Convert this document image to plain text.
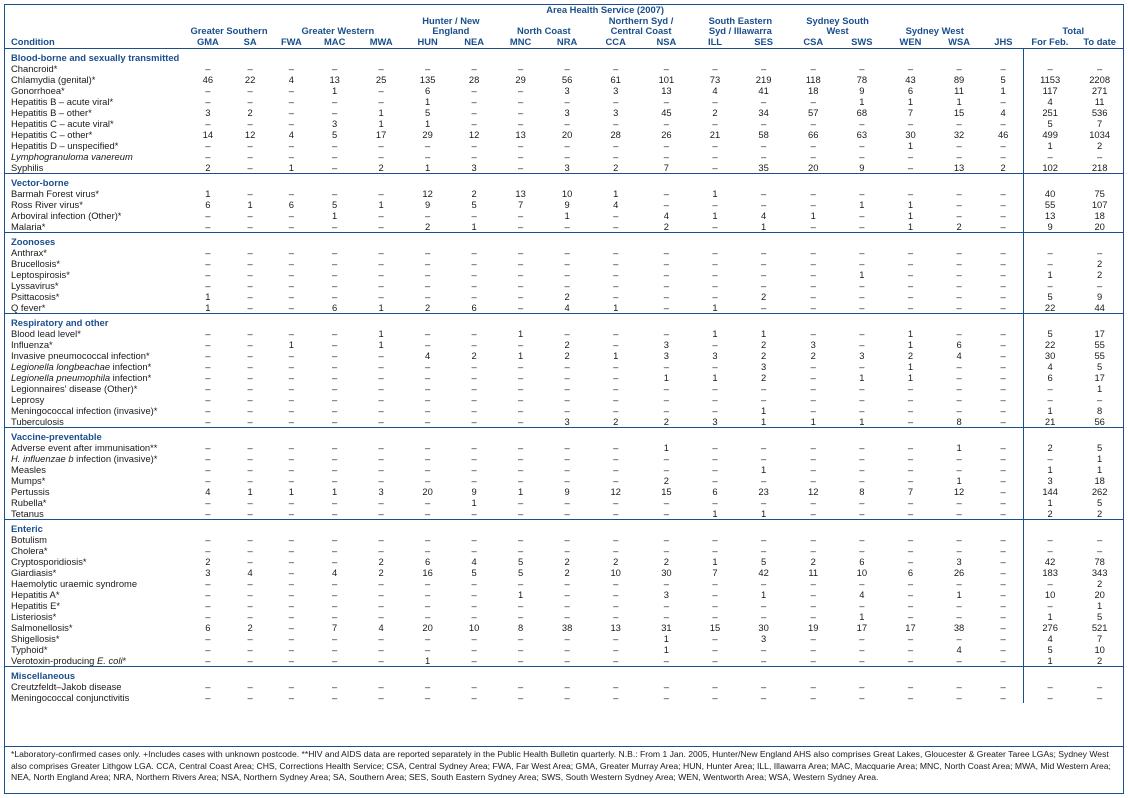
	Area Health Service (2007)																			
	Greater Southern		Greater Western			Hunter / New
England		North Coast		Northern Syd /
Central Coast		South Eastern
Syd / Illawarra		Sydney South
West		Sydney West			Total	
Condition	GMA	SA	FWA	MAC	MWA	HUN	NEA	MNC	NRA	CCA	NSA	ILL	SES	CSA	SWS	WEN	WSA	JHS	For Feb.	To date
Blood-borne and sexually transmitted																				
Chancroid*	–	–	–	–	–	–	–	–	–	–	–	–	–	–	–	–	–	–	–	–
Chlamydia (genital)*	46	22	4	13	25	135	28	29	56	61	101	73	219	118	78	43	89	5	1153	2208
Gonorrhoea*	–	–	–	1	–	6	–	–	3	3	13	4	41	18	9	6	11	1	117	271
Hepatitis B – acute viral*	–	–	–	–	–	1	–	–	–	–	–	–	–	–	1	1	1	–	4	11
Hepatitis B – other*	3	2	–	–	1	5	–	–	3	3	45	2	34	57	68	7	15	4	251	536
Hepatitis C – acute viral*	–	–	–	3	1	1	–	–	–	–	–	–	–	–	–	–	–	–	5	7
Hepatitis C – other*	14	12	4	5	17	29	12	13	20	28	26	21	58	66	63	30	32	46	499	1034
Hepatitis D – unspecified*	–	–	–	–	–	–	–	–	–	–	–	–	–	–	–	1	–	–	1	2
Lymphogranuloma vanereum	–	–	–	–	–	–	–	–	–	–	–	–	–	–	–	–	–	–	–	–
Syphilis	2	–	1	–	2	1	3	–	3	2	7	–	35	20	9	–	13	2	102	218
Vector-borne																				
Barmah Forest virus*	1	–	–	–	–	12	2	13	10	1	–	1	–	–	–	–	–	–	40	75
Ross River virus*	6	1	6	5	1	9	5	7	9	4	–	–	–	–	1	1	–	–	55	107
Arboviral infection (Other)*	–	–	–	1	–	–	–	–	1	–	4	1	4	1	–	1	–	–	13	18
Malaria*	–	–	–	–	–	2	1	–	–	–	2	–	1	–	–	1	2	–	9	20
Zoonoses																				
Anthrax*	–	–	–	–	–	–	–	–	–	–	–	–	–	–	–	–	–	–	–	–
Brucellosis*	–	–	–	–	–	–	–	–	–	–	–	–	–	–	–	–	–	–	–	2
Leptospirosis*	–	–	–	–	–	–	–	–	–	–	–	–	–	–	1	–	–	–	1	2
Lyssavirus*	–	–	–	–	–	–	–	–	–	–	–	–	–	–	–	–	–	–	–	–
Psittacosis*	1	–	–	–	–	–	–	–	2	–	–	–	2	–	–	–	–	–	5	9
Q fever*	1	–	–	6	1	2	6	–	4	1	–	1	–	–	–	–	–	–	22	44
Respiratory and other																				
Blood lead level*	–	–	–	–	1	–	–	1	–	–	–	1	1	–	–	1	–	–	5	17
Influenza*	–	–	1	–	1	–	–	–	2	–	3	–	2	3	–	1	6	–	22	55
Invasive pneumococcal infection*	–	–	–	–	–	4	2	1	2	1	3	3	2	2	3	2	4	–	30	55
Legionella longbeachae infection*	–	–	–	–	–	–	–	–	–	–	–	–	3	–	–	1	–	–	4	5
Legionella pneumophila infection*	–	–	–	–	–	–	–	–	–	–	1	1	2	–	1	1	–	–	6	17
Legionnaires' disease (Other)*	–	–	–	–	–	–	–	–	–	–	–	–	–	–	–	–	–	–	–	1
Leprosy	–	–	–	–	–	–	–	–	–	–	–	–	–	–	–	–	–	–	–	–
Meningococcal infection (invasive)*	–	–	–	–	–	–	–	–	–	–	–	–	1	–	–	–	–	–	1	8
Tuberculosis	–	–	–	–	–	–	–	–	3	2	2	3	1	1	1	–	8	–	21	56
Vaccine-preventable																				
Adverse event after immunisation**	–	–	–	–	–	–	–	–	–	–	1	–	–	–	–	–	1	–	2	5
H. influenzae b infection (invasive)*	–	–	–	–	–	–	–	–	–	–	–	–	–	–	–	–	–	–	–	1
Measles	–	–	–	–	–	–	–	–	–	–	–	–	1	–	–	–	–	–	1	1
Mumps*	–	–	–	–	–	–	–	–	–	–	2	–	–	–	–	–	1	–	3	18
Pertussis	4	1	1	1	3	20	9	1	9	12	15	6	23	12	8	7	12	–	144	262
Rubella*	–	–	–	–	–	–	1	–	–	–	–	–	–	–	–	–	–	–	1	5
Tetanus	–	–	–	–	–	–	–	–	–	–	–	1	1	–	–	–	–	–	2	2
Enteric																				
Botulism	–	–	–	–	–	–	–	–	–	–	–	–	–	–	–	–	–	–	–	–
Cholera*	–	–	–	–	–	–	–	–	–	–	–	–	–	–	–	–	–	–	–	–
Cryptosporidiosis*	2	–	–	–	2	6	4	5	2	2	2	1	5	2	6	–	3	–	42	78
Giardiasis*	3	4	–	4	2	16	5	5	2	10	30	7	42	11	10	6	26	–	183	343
Haemolytic uraemic syndrome	–	–	–	–	–	–	–	–	–	–	–	–	–	–	–	–	–	–	–	2
Hepatitis A*	–	–	–	–	–	–	–	1	–	–	3	–	1	–	4	–	1	–	10	20
Hepatitis E*	–	–	–	–	–	–	–	–	–	–	–	–	–	–	–	–	–	–	–	1
Listeriosis*	–	–	–	–	–	–	–	–	–	–	–	–	–	–	1	–	–	–	1	5
Salmonellosis*	6	2	–	7	4	20	10	8	38	13	31	15	30	19	17	17	38	–	276	521
Shigellosis*	–	–	–	–	–	–	–	–	–	–	1	–	3	–	–	–	–	–	4	7
Typhoid*	–	–	–	–	–	–	–	–	–	–	1	–	–	–	–	–	4	–	5	10
Verotoxin-producing E. coli*	–	–	–	–	–	1	–	–	–	–	–	–	–	–	–	–	–	–	1	2
Miscellaneous																				
Creutzfeldt–Jakob disease	–	–	–	–	–	–	–	–	–	–	–	–	–	–	–	–	–	–	–	–
Meningococcal conjunctivitis	–	–	–	–	–	–	–	–	–	–	–	–	–	–	–	–	–	–	–	–
*Laboratory-confirmed cases only. +Includes cases with unknown postcode. **HIV and AIDS data are reported separately in the Public Health Bulletin quarterly. N.B.: From 1 Jan. 2005, Hunter/New England AHS also comprises Great Lakes, Gloucester & Greater Taree LGAs; Sydney West also comprises Greater Lithgow LGA. CCA, Central Coast Area; CHS, Corrections Health Service; CSA, Central Sydney Area; FWA, Far West Area; GMA, Greater Murray Area; HUN, Hunter Area; ILL, Illawarra Area; MAC, Macquarie Area; MNC, North Coast Area; MWA, Mid Western Area; NEA, North England Area; NRA, Northern Rivers Area; NSA, Northern Sydney Area; SA, Southern Area; SES, South Eastern Sydney Area; SWS, South Western Sydney Area; WEN, Wentworth Area; WSA, Western Sydney Area.
